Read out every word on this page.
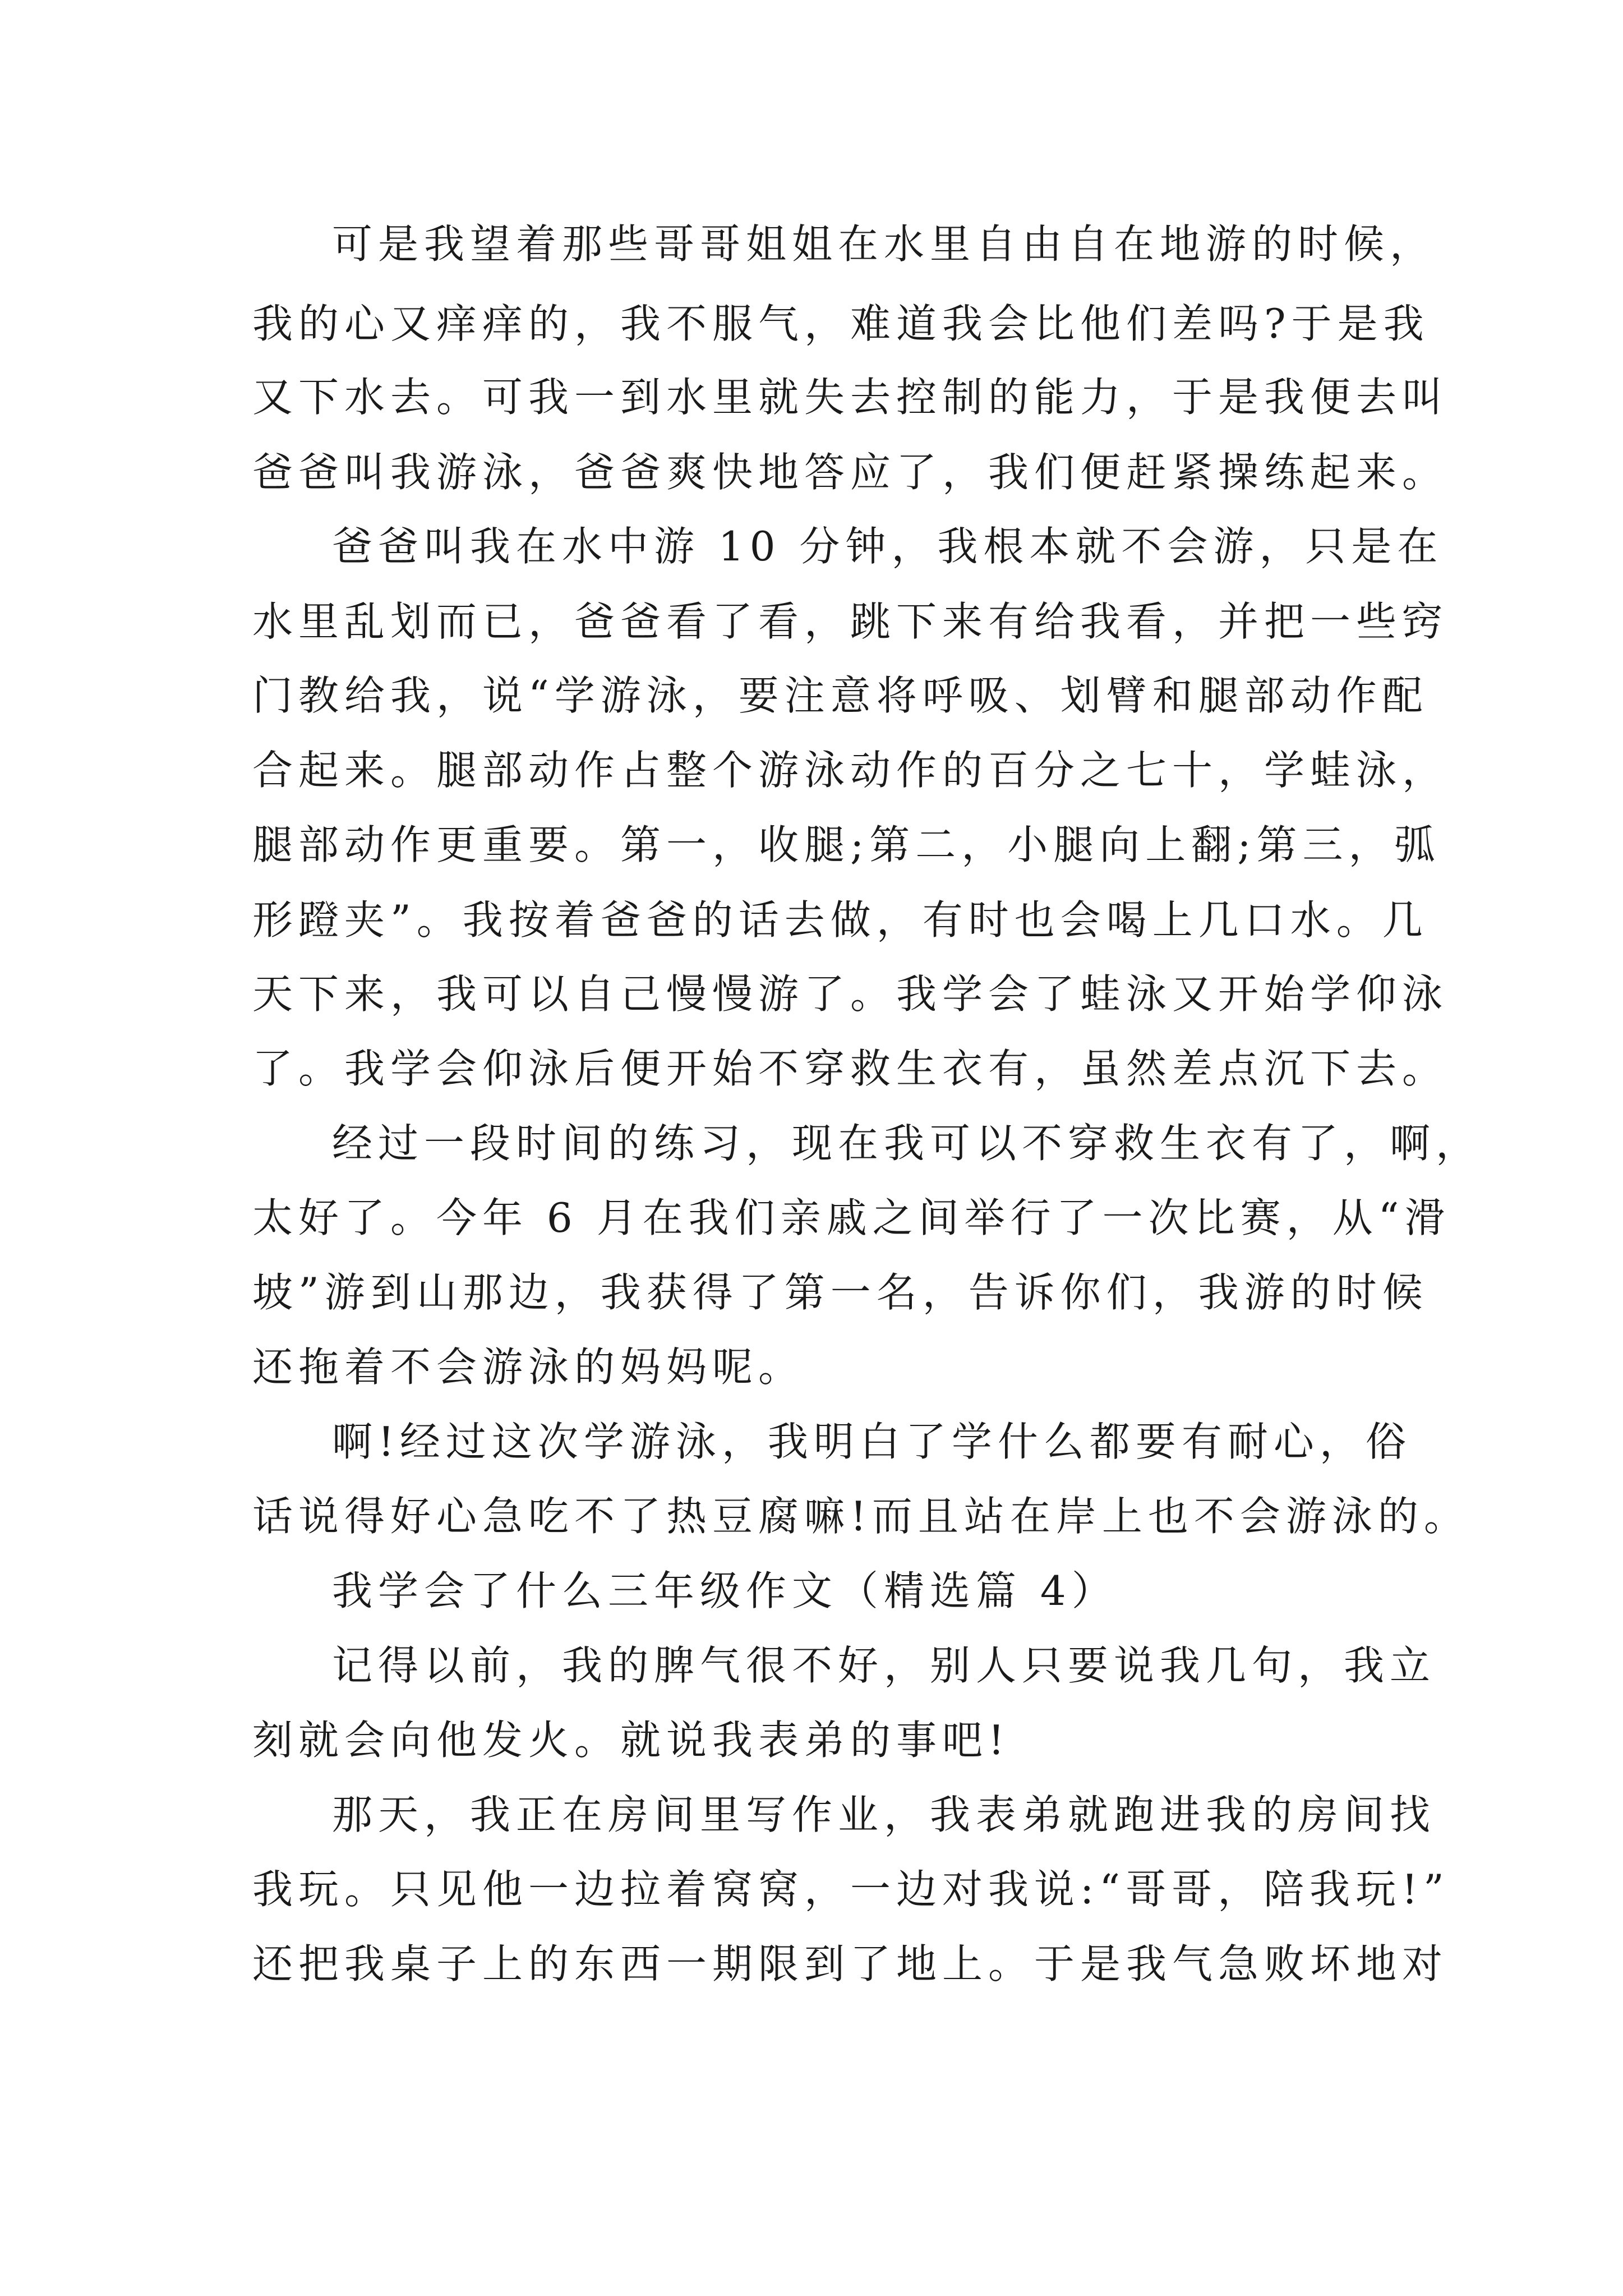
可是我望着那些哥哥姐姐在水里自由自在地游的时候，
我的心又痒痒的，我不服气，难道我会比他们差吗?于是我
又下水去。可我一到水里就失去控制的能力，于是我便去叫
爸爸叫我游泳，爸爸爽快地答应了，我们便赶紧操练起来。
爸爸叫我在水中游 10 分钟，我根本就不会游，只是在
水里乱划而已，爸爸看了看，跳下来有给我看，并把一些窍
门教给我，说“学游泳，要注意将呼吸、划臂和腿部动作配
合起来。腿部动作占整个游泳动作的百分之七十，学蛙泳，
腿部动作更重要。第一，收腿;第二，小腿向上翻;第三，弧
形蹬夹”。我按着爸爸的话去做，有时也会喝上几口水。几
天下来，我可以自己慢慢游了。我学会了蛙泳又开始学仰泳
了。我学会仰泳后便开始不穿救生衣有，虽然差点沉下去。
经过一段时间的练习，现在我可以不穿救生衣有了，啊，
太好了。今年 6 月在我们亲戚之间举行了一次比赛，从“滑
坡”游到山那边，我获得了第一名，告诉你们，我游的时候
还拖着不会游泳的妈妈呢。
啊!经过这次学游泳，我明白了学什么都要有耐心，俗
话说得好心急吃不了热豆腐嘛!而且站在岸上也不会游泳的。
我学会了什么三年级作文（精选篇 4）
记得以前，我的脾气很不好，别人只要说我几句，我立
刻就会向他发火。就说我表弟的事吧!
那天，我正在房间里写作业，我表弟就跑进我的房间找
我玩。只见他一边拉着窝窝，一边对我说:“哥哥，陪我玩!”
还把我桌子上的东西一期限到了地上。于是我气急败坏地对
